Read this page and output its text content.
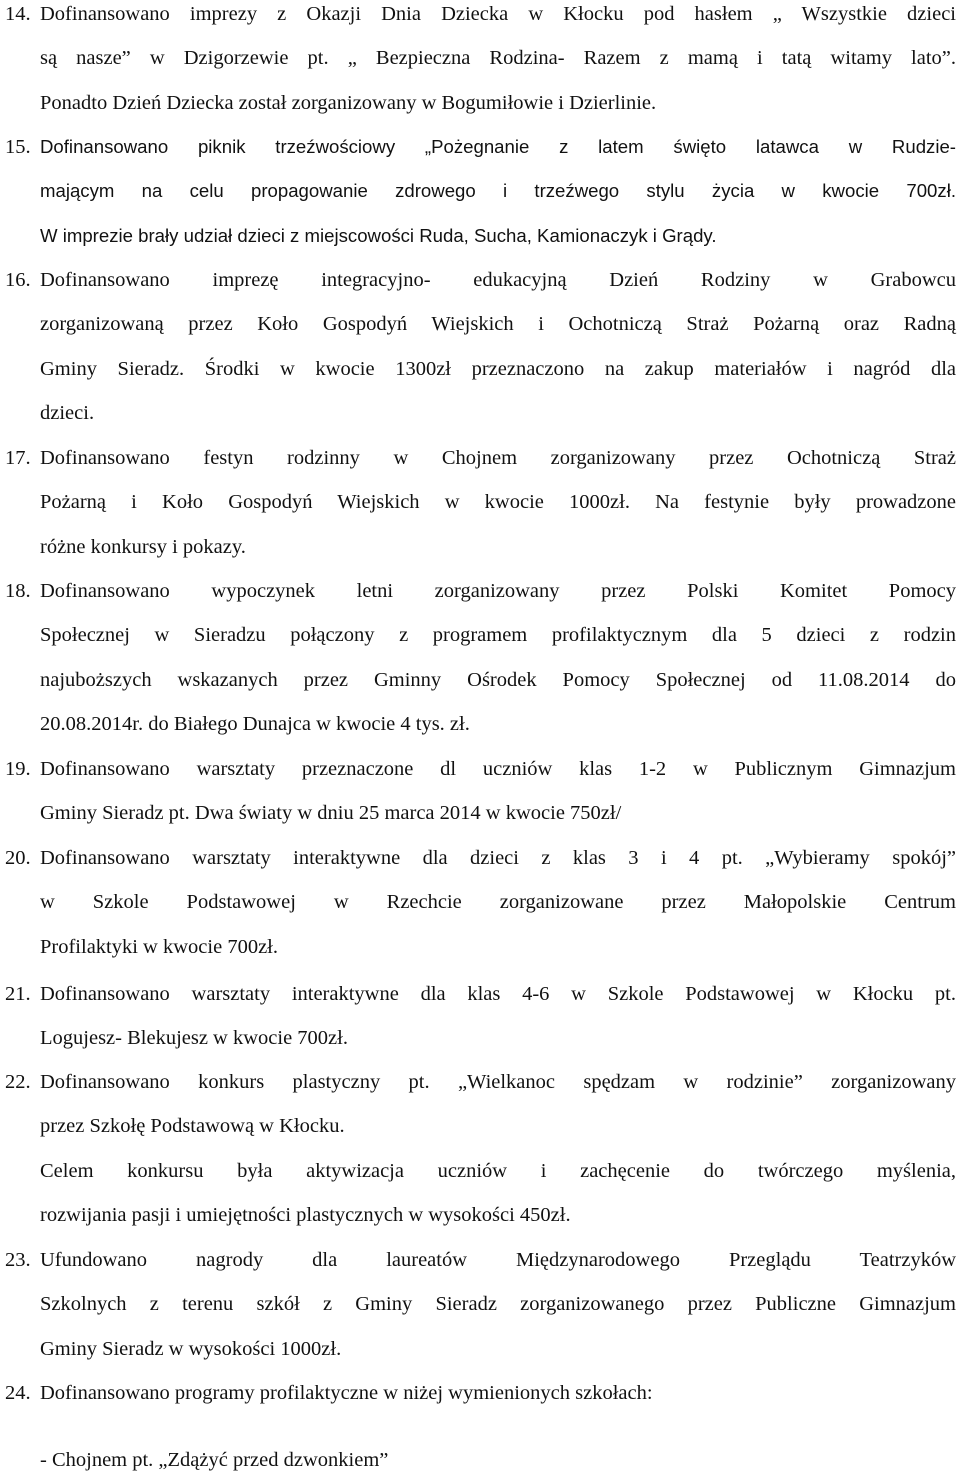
14. Dofinansowano imprezy z Okazji Dnia Dziecka w Kłocku pod hasłem „ Wszystkie dzieci
są nasze” w Dzigorzewie pt. „ Bezpieczna Rodzina- Razem z mamą i tatą witamy lato”.
Ponadto Dzień Dziecka został zorganizowany w Bogumiłowie i Dzierlinie.
15. Dofinansowano piknik trzeźwościowy „Pożegnanie z latem święto latawca w Rudzie-
mającym na celu propagowanie zdrowego i trzeźwego stylu życia w kwocie 700zł.
W imprezie brały udział dzieci z miejscowości Ruda, Sucha, Kamionaczyk i Grądy.
16. Dofinansowano imprezę integracyjno- edukacyjną Dzień Rodziny w Grabowcu
zorganizowaną przez Koło Gospodyń Wiejskich i Ochotniczą Straż Pożarną oraz Radną
Gminy Sieradz. Środki w kwocie 1300zł przeznaczono na zakup materiałów i nagród dla
dzieci.
17. Dofinansowano festyn rodzinny w Chojnem zorganizowany przez Ochotniczą Straż
Pożarną i Koło Gospodyń Wiejskich w kwocie 1000zł. Na festynie były prowadzone
różne konkursy i pokazy.
18. Dofinansowano wypoczynek letni zorganizowany przez Polski Komitet Pomocy
Społecznej w Sieradzu połączony z programem profilaktycznym dla 5 dzieci z rodzin
najuboższych wskazanych przez Gminny Ośrodek Pomocy Społecznej od 11.08.2014 do
20.08.2014r. do Białego Dunajca w kwocie 4 tys. zł.
19. Dofinansowano warsztaty przeznaczone dl uczniów klas 1-2 w Publicznym Gimnazjum
Gminy Sieradz pt. Dwa światy w dniu 25 marca 2014 w kwocie 750zł/
20. Dofinansowano warsztaty interaktywne dla dzieci z klas 3 i 4 pt. „Wybieramy spokój”
w Szkole Podstawowej w Rzechcie zorganizowane przez Małopolskie Centrum
Profilaktyki w kwocie 700zł.
21. Dofinansowano warsztaty interaktywne dla klas 4-6 w Szkole Podstawowej w Kłocku pt.
Logujesz- Blekujesz w kwocie 700zł.
22. Dofinansowano konkurs plastyczny pt. „Wielkanoc spędzam w rodzinie” zorganizowany
przez Szkołę Podstawową w Kłocku.
Celem konkursu była aktywizacja uczniów i zachęcenie do twórczego myślenia,
rozwijania pasji i umiejętności plastycznych w wysokości 450zł.
23. Ufundowano nagrody dla laureatów Międzynarodowego Przeglądu Teatrzyków
Szkolnych z terenu szkół z Gminy Sieradz zorganizowanego przez Publiczne Gimnazjum
Gminy Sieradz w wysokości 1000zł.
24. Dofinansowano programy profilaktyczne w niżej wymienionych szkołach:
- Chojnem pt. „Zdążyć przed dzwonkiem”
